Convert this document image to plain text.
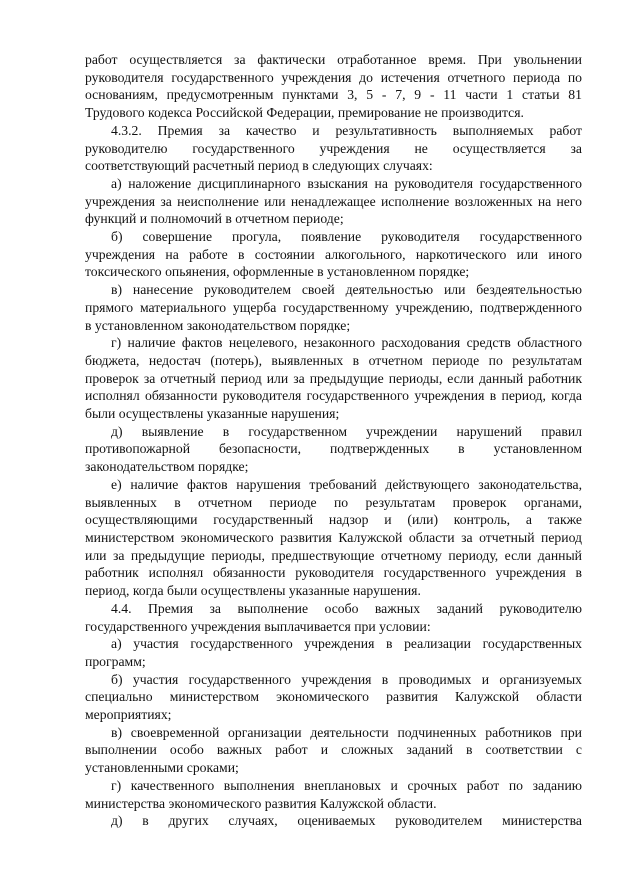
работ осуществляется за фактически отработанное время. При увольнении

руководителя государственного учреждения до истечения отчетного периода по

основаниям, предусмотренным пунктами 3, 5 - 7, 9 - 11 части 1 статьи 81

Трудового кодекса Российской Федерации, премирование не производится.

4.3.2. Премия за качество и результативность выполняемых работ

руководителю государственного учреждения не осуществляется за

соответствующий расчетный период в следующих случаях:

а) наложение дисциплинарного взыскания на руководителя государственного

учреждения за неисполнение или ненадлежащее исполнение возложенных на него

функций и полномочий в отчетном периоде;

б) совершение прогула, появление руководителя государственного

учреждения на работе в состоянии алкогольного, наркотического или иного

токсического опьянения, оформленные в установленном порядке;

в) нанесение руководителем своей деятельностью или бездеятельностью

прямого материального ущерба государственному учреждению, подтвержденного

в установленном законодательством порядке;

г) наличие фактов нецелевого, незаконного расходования средств областного

бюджета, недостач (потерь), выявленных в отчетном периоде по результатам

проверок за отчетный период или за предыдущие периоды, если данный работник

исполнял обязанности руководителя государственного учреждения в период, когда

были осуществлены указанные нарушения;

д) выявление в государственном учреждении нарушений правил

противопожарной безопасности, подтвержденных в установленном

законодательством порядке;

е) наличие фактов нарушения требований действующего законодательства,

выявленных в отчетном периоде по результатам проверок органами,

осуществляющими государственный надзор и (или) контроль, а также

министерством экономического развития Калужской области за отчетный период

или за предыдущие периоды, предшествующие отчетному периоду, если данный

работник исполнял обязанности руководителя государственного учреждения в

период, когда были осуществлены указанные нарушения.

4.4. Премия за выполнение особо важных заданий руководителю

государственного учреждения выплачивается при условии:

а) участия государственного учреждения в реализации государственных

программ;

б) участия государственного учреждения в проводимых и организуемых

специально министерством экономического развития Калужской области

мероприятиях;

в) своевременной организации деятельности подчиненных работников при

выполнении особо важных работ и сложных заданий в соответствии с

установленными сроками;

г) качественного выполнения внеплановых и срочных работ по заданию

министерства экономического развития Калужской области.

д) в других случаях, оцениваемых руководителем министерства
